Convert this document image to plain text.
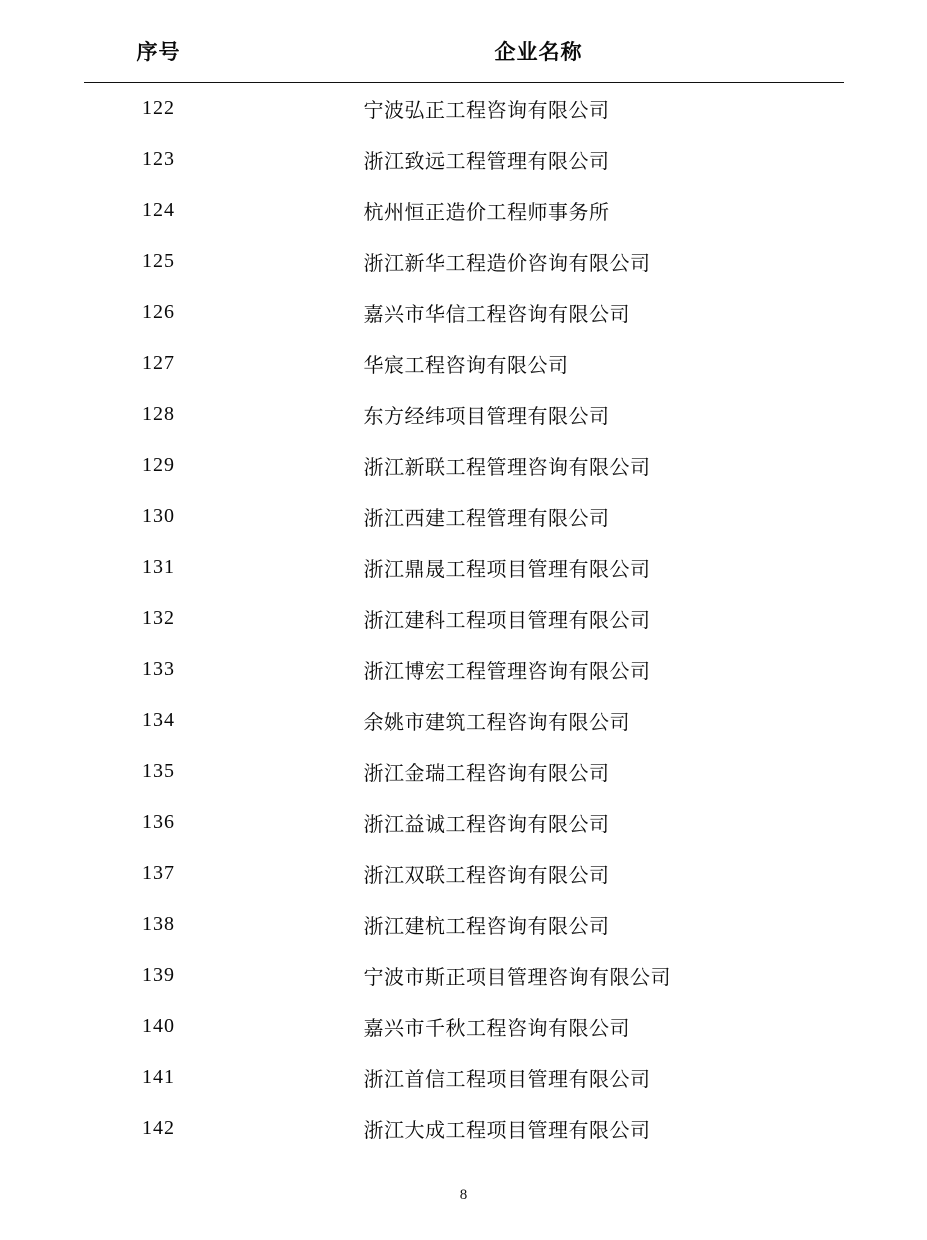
序号	企业名称
122	宁波弘正工程咨询有限公司
123	浙江致远工程管理有限公司
124	杭州恒正造价工程师事务所
125	浙江新华工程造价咨询有限公司
126	嘉兴市华信工程咨询有限公司
127	华宸工程咨询有限公司
128	东方经纬项目管理有限公司
129	浙江新联工程管理咨询有限公司
130	浙江西建工程管理有限公司
131	浙江鼎晟工程项目管理有限公司
132	浙江建科工程项目管理有限公司
133	浙江博宏工程管理咨询有限公司
134	余姚市建筑工程咨询有限公司
135	浙江金瑞工程咨询有限公司
136	浙江益诚工程咨询有限公司
137	浙江双联工程咨询有限公司
138	浙江建杭工程咨询有限公司
139	宁波市斯正项目管理咨询有限公司
140	嘉兴市千秋工程咨询有限公司
141	浙江首信工程项目管理有限公司
142	浙江大成工程项目管理有限公司
8
